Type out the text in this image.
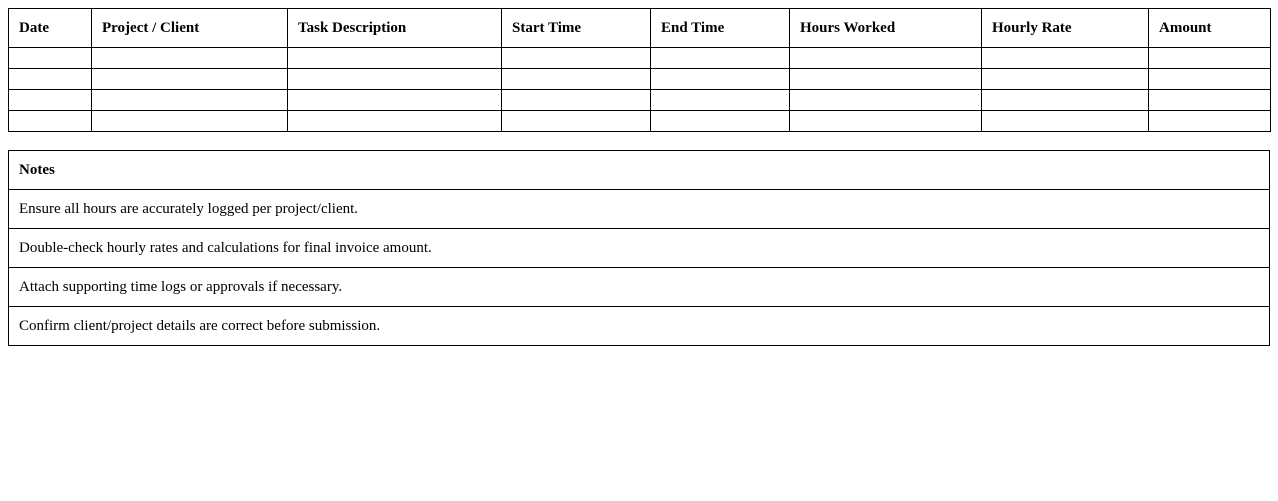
Date	Project / Client	Task Description	Start Time	End Time	Hours Worked	Hourly Rate	Amount

Notes
Ensure all hours are accurately logged per project/client.
Double-check hourly rates and calculations for final invoice amount.
Attach supporting time logs or approvals if necessary.
Confirm client/project details are correct before submission.
